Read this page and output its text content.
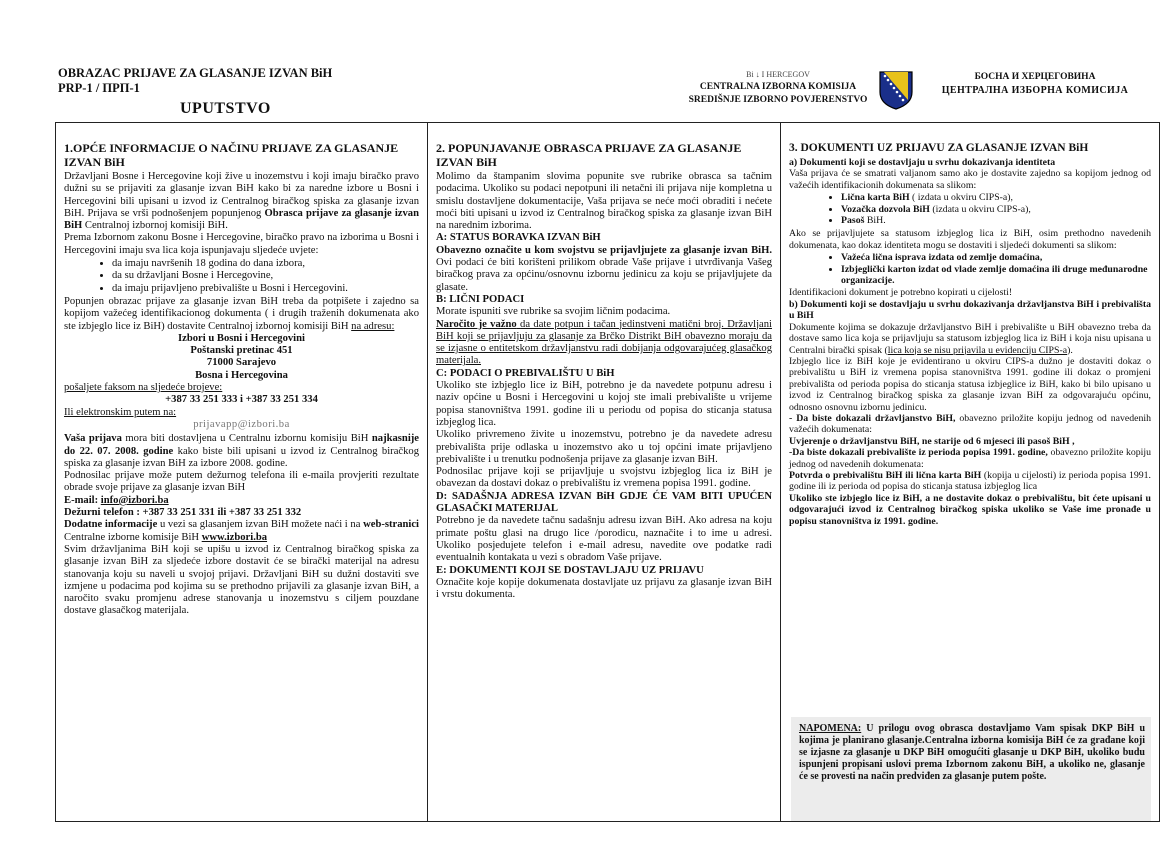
OBRAZAC PRIJAVE ZA GLASANJE IZVAN BiH
PRP-1 / ПРП-1
UPUTSTVO
Bi ↓ I HERCEGOV
CENTRALNA IZBORNA KOMISIJA
SREDIŠNJE IZBORNO POVJERENSTVO
БОСНА И ХЕРЦЕГОВИНА
ЦЕНТРАЛНА ИЗБОРНА КОМИСИЈА
1.OPĆE INFORMACIJE O NAČINU PRIJAVE ZA GLASANJE IZVAN BiH

Državljani Bosne i Hercegovine koji žive u inozemstvu i koji imaju biračko pravo dužni su se prijaviti za glasanje izvan BiH kako bi za naredne izbore u Bosni i Hercegovini bili upisani u izvod iz Centralnog biračkog spiska za glasanje izvan BiH. Prijava se vrši podnošenjem popunjenog Obrasca prijave za glasanje izvan BiH Centralnoj izbornoj komisiji BiH.

Prema Izbornom zakonu Bosne i Hercegovine, biračko pravo na izborima u Bosni i Hercegovini imaju sva lica koja ispunjavaju sljedeće uvjete:

• da imaju navršenih 18 godina do dana izbora,
• da su državljani Bosne i Hercegovine,
• da imaju prijavljeno prebivalište u Bosni i Hercegovini.

Popunjen obrazac prijave za glasanje izvan BiH treba da potpišete i zajedno sa kopijom važećeg identifikacionog dokumenta ( i drugih traženih dokumenata ako ste izbjeglo lice iz BiH) dostavite Centralnoj izbornoj komisiji BiH na adresu:

Izbori u Bosni i Hercegovini
Poštanski pretinac 451
71000 Sarajevo
Bosna i Hercegovina

pošaljete faksom na sljedeće brojeve:

+387 33 251 333 i +387 33 251 334

Ili elektronskim putem na:

prijavapp@izbori.ba

Vaša prijava mora biti dostavljena u Centralnu izbornu komisiju BiH najkasnije do 22. 07. 2008. godine kako biste bili upisani u izvod iz Centralnog biračkog spiska za glasanje izvan BiH za izbore 2008. godine.

Podnosilac prijave može putem dežurnog telefona ili e-maila provjeriti rezultate obrade svoje prijave za glasanje izvan BiH

E-mail: info@izbori.ba

Dežurni telefon : +387 33 251 331 ili +387 33 251 332

Dodatne informacije u vezi sa glasanjem izvan BiH možete naći i na web-stranici Centralne izborne komisije BiH www.izbori.ba

Svim državljanima BiH koji se upišu u izvod iz Centralnog biračkog spiska za glasanje izvan BiH za sljedeće izbore dostavit će se birački materijal na adresu stanovanja koju su naveli u svojoj prijavi. Državljani BiH su dužni dostaviti sve izmjene u podacima pod kojima su se prethodno prijavili za glasanje izvan BiH, a naročito svaku promjenu adrese stanovanja u inozemstvu s ciljem pouzdane dostave glasačkog materijala.

2. POPUNJAVANJE OBRASCA PRIJAVE ZA GLASANJE IZVAN BiH

Molimo da štampanim slovima popunite sve rubrike obrasca sa tačnim podacima. Ukoliko su podaci nepotpuni ili netačni ili prijava nije kompletna u smislu dostavljene dokumentacije, Vaša prijava se neće moći obraditi i nećete moći biti upisani u izvod iz Centralnog biračkog spiska za glasanje izvan BiH na narednim izborima.

A: STATUS BORAVKA IZVAN BiH

Obavezno označite u kom svojstvu se prijavljujete za glasanje izvan BiH. Ovi podaci će biti korišteni prilikom obrade Vaše prijave i utvrđivanja Vašeg biračkog prava za općinu/osnovnu izbornu jedinicu za koju se prijavljujete da glasate.

B: LIČNI PODACI

Morate ispuniti sve rubrike sa svojim ličnim podacima.

Naročito je važno da date potpun i tačan jedinstveni matični broj. Državljani BiH koji se prijavljuju za glasanje za Brčko Distrikt BiH obavezno moraju da se izjasne o entitetskom državljanstvu radi dobijanja odgovarajućeg glasačkog materijala.

C: PODACI O PREBIVALIŠTU U BiH

Ukoliko ste izbjeglo lice iz BiH, potrebno je da navedete potpunu adresu i naziv općine u Bosni i Hercegovini u kojoj ste imali prebivalište u vrijeme popisa stanovništva 1991. godine ili u periodu od popisa do sticanja statusa izbjeglog lica.

Ukoliko privremeno živite u inozemstvu, potrebno je da navedete adresu prebivališta prije odlaska u inozemstvo ako u toj općini imate prijavljeno prebivalište i u trenutku podnošenja prijave za glasanje izvan BiH.

Podnosilac prijave koji se prijavljuje u svojstvu izbjeglog lica iz BiH je obavezan da dostavi dokaz o prebivalištu iz vremena popisa 1991. godine.

D: SADAŠNJA ADRESA IZVAN BiH GDJE ĆE VAM BITI UPUĆEN GLASAČKI MATERIJAL

Potrebno je da navedete tačnu sadašnju adresu izvan BiH. Ako adresa na koju primate poštu glasi na drugo lice /porodicu, naznačite i to ime u adresi. Ukoliko posjedujete telefon i e-mail adresu, navedite ove podatke radi eventualnih kontakata u vezi s obradom Vaše prijave.

E: DOKUMENTI KOJI SE DOSTAVLJAJU UZ PRIJAVU

Označite koje kopije dokumenata dostavljate uz prijavu za glasanje izvan BiH i vrstu dokumenta.

3. DOKUMENTI UZ PRIJAVU ZA GLASANJE IZVAN BiH

a) Dokumenti koji se dostavljaju u svrhu dokazivanja identiteta

Vaša prijava će se smatrati valjanom samo ako je dostavite zajedno sa kopijom jednog od važećih identifikacionih dokumenata sa slikom:

• Lična karta BiH ( izdata u okviru CIPS-a),
• Vozačka dozvola BiH (izdata u okviru CIPS-a),
• Pasoš BiH.

Ako se prijavljujete sa statusom izbjeglog lica iz BiH, osim prethodno navedenih dokumenata, kao dokaz identiteta mogu se dostaviti i sljedeći dokumenti sa slikom:

• Važeća lična isprava izdata od zemlje domaćina,
• Izbjeglički karton izdat od vlade zemlje domaćina ili druge međunarodne organizacije.

Identifikacioni dokument je potrebno kopirati u cijelosti!

b) Dokumenti koji se dostavljaju u svrhu dokazivanja državljanstva BiH i prebivališta u BiH

Dokumente kojima se dokazuje državljanstvo BiH i prebivalište u BiH obavezno treba da dostave samo lica koja se prijavljuju sa statusom izbjeglog lica iz BiH i koja nisu upisana u Centralni birački spisak (lica koja se nisu prijavila u evidenciju CIPS-a).

Izbjeglo lice iz BiH koje je evidentirano u okviru CIPS-a dužno je dostaviti dokaz o prebivalištu u BiH iz vremena popisa stanovništva 1991. godine ili dokaz o promjeni prebivališta od perioda popisa do sticanja statusa izbjeglice iz BiH, kako bi bilo upisano u izvod iz Centralnog biračkog spiska za glasanje izvan BiH za odgovarajuću općinu, odnosno osnovnu izbornu jedinicu.

- Da biste dokazali državljanstvo BiH, obavezno priložite kopiju jednog od navedenih važećih dokumenata:

Uvjerenje o državljanstvu BiH, ne starije od 6 mjeseci ili pasoš BiH ,

-Da biste dokazali prebivalište iz perioda popisa 1991. godine, obavezno priložite kopiju jednog od navedenih dokumenata:

Potvrda o prebivalištu BiH ili lična karta BiH (kopija u cijelosti) iz perioda popisa 1991. godine ili iz perioda od popisa do sticanja statusa izbjeglog lica

Ukoliko ste izbjeglo lice iz BiH, a ne dostavite dokaz o prebivalištu, bit ćete upisani u odgovarajući izvod iz Centralnog biračkog spiska ukoliko se Vaše ime pronađe u popisu stanovništva iz 1991. godine.

NAPOMENA: U prilogu ovog obrasca dostavljamo Vam spisak DKP BiH u kojima je planirano glasanje.Centralna izborna komisija BiH će za građane koji se izjasne za glasanje u DKP BiH omogućiti glasanje u DKP BiH, ukoliko budu ispunjeni propisani uslovi prema Izbornom zakonu BiH, a ukoliko ne, glasanje će se provesti na način predviđen za glasanje putem pošte.
